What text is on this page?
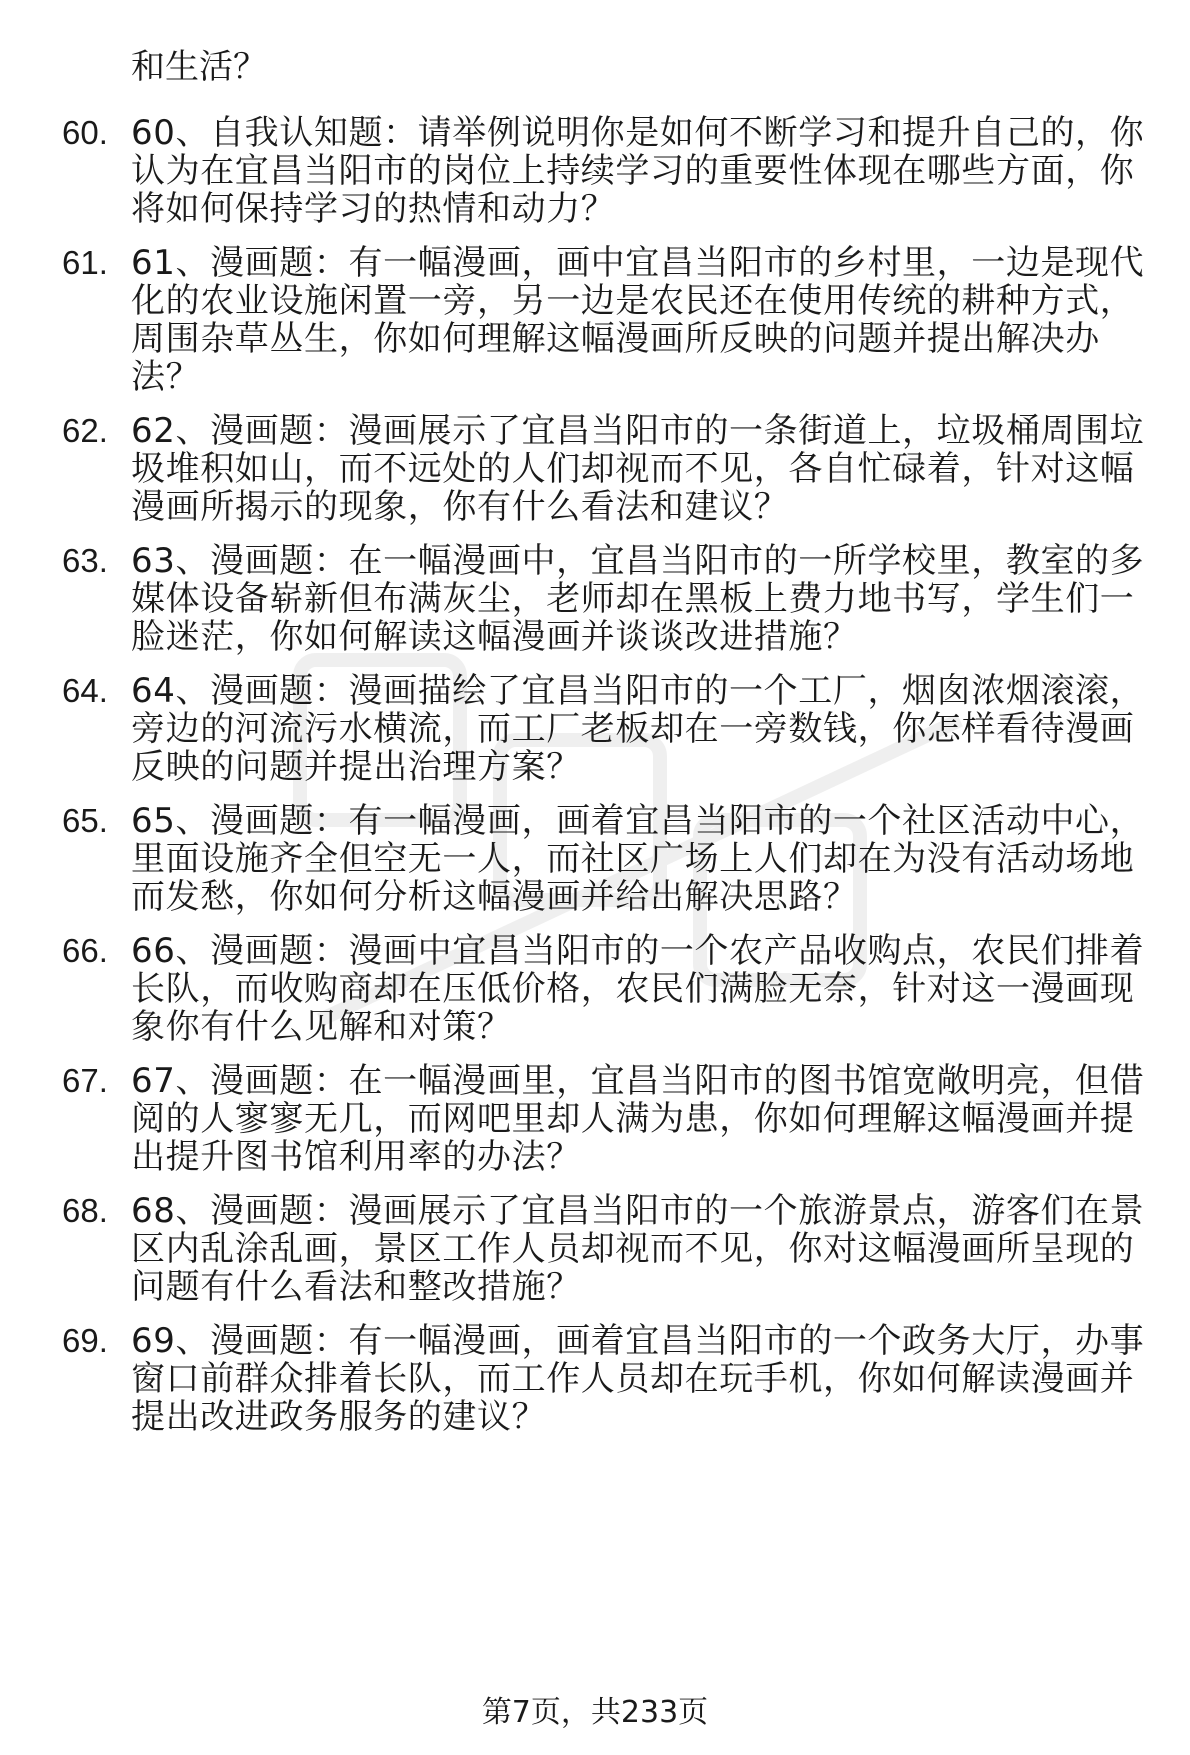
和生活？

60. 60、自我认知题：请举例说明你是如何不断学习和提升自己的，你认为在宜昌当阳市的岗位上持续学习的重要性体现在哪些方面，你将如何保持学习的热情和动力？
61. 61、漫画题：有一幅漫画，画中宜昌当阳市的乡村里，一边是现代化的农业设施闲置一旁，另一边是农民还在使用传统的耕种方式，周围杂草丛生，你如何理解这幅漫画所反映的问题并提出解决办法？
62. 62、漫画题：漫画展示了宜昌当阳市的一条街道上，垃圾桶周围垃圾堆积如山，而不远处的人们却视而不见，各自忙碌着，针对这幅漫画所揭示的现象，你有什么看法和建议？
63. 63、漫画题：在一幅漫画中，宜昌当阳市的一所学校里，教室的多媒体设备崭新但布满灰尘，老师却在黑板上费力地书写，学生们一脸迷茫，你如何解读这幅漫画并谈谈改进措施？
64. 64、漫画题：漫画描绘了宜昌当阳市的一个工厂，烟囱浓烟滚滚，旁边的河流污水横流，而工厂老板却在一旁数钱，你怎样看待漫画反映的问题并提出治理方案？
65. 65、漫画题：有一幅漫画，画着宜昌当阳市的一个社区活动中心，里面设施齐全但空无一人，而社区广场上人们却在为没有活动场地而发愁，你如何分析这幅漫画并给出解决思路？
66. 66、漫画题：漫画中宜昌当阳市的一个农产品收购点，农民们排着长队，而收购商却在压低价格，农民们满脸无奈，针对这一漫画现象你有什么见解和对策？
67. 67、漫画题：在一幅漫画里，宜昌当阳市的图书馆宽敞明亮，但借阅的人寥寥无几，而网吧里却人满为患，你如何理解这幅漫画并提出提升图书馆利用率的办法？
68. 68、漫画题：漫画展示了宜昌当阳市的一个旅游景点，游客们在景区内乱涂乱画，景区工作人员却视而不见，你对这幅漫画所呈现的问题有什么看法和整改措施？
69. 69、漫画题：有一幅漫画，画着宜昌当阳市的一个政务大厅，办事窗口前群众排着长队，而工作人员却在玩手机，你如何解读漫画并提出改进政务服务的建议？
第7页，共233页
